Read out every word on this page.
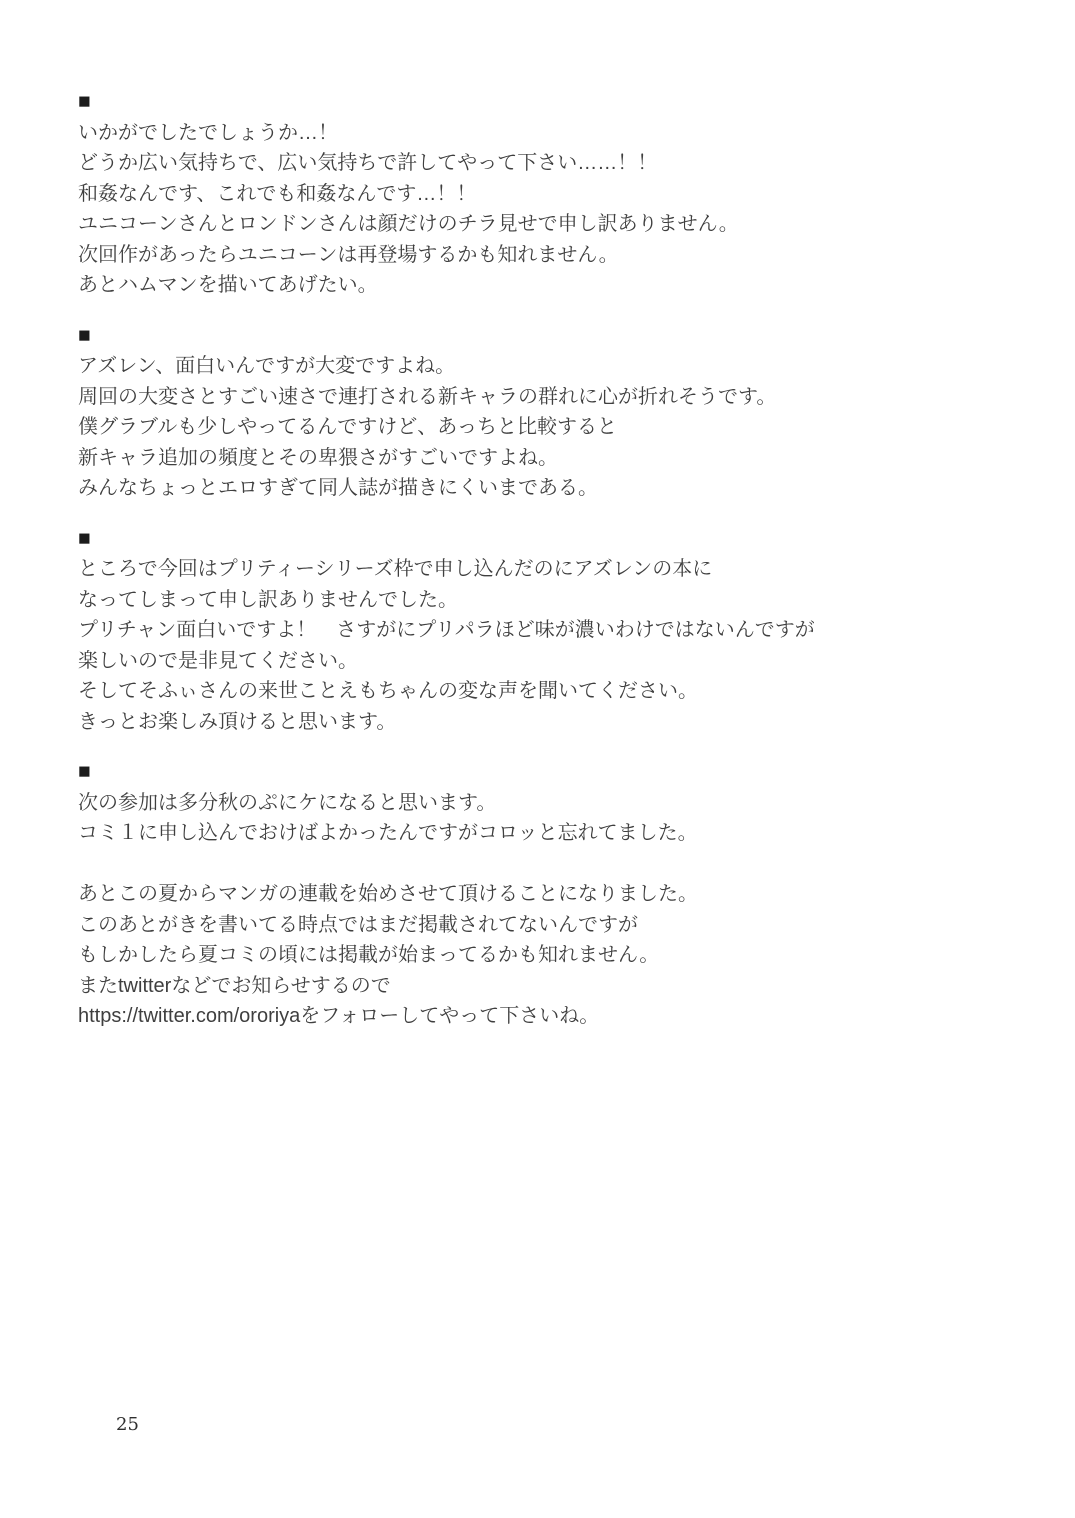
■

いかがでしたでしょうか…！

どうか広い気持ちで、広い気持ちで許してやって下さい……！！

和姦なんです、これでも和姦なんです…！！

ユニコーンさんとロンドンさんは顔だけのチラ見せで申し訳ありません。

次回作があったらユニコーンは再登場するかも知れません。

あとハムマンを描いてあげたい。

■

アズレン、面白いんですが大変ですよね。

周回の大変さとすごい速さで連打される新キャラの群れに心が折れそうです。

僕グラブルも少しやってるんですけど、あっちと比較すると

新キャラ追加の頻度とその卑猥さがすごいですよね。

みんなちょっとエロすぎて同人誌が描きにくいまである。

■

ところで今回はプリティーシリーズ枠で申し込んだのにアズレンの本に

なってしまって申し訳ありませんでした。

プリチャン面白いですよ！　さすがにプリパラほど味が濃いわけではないんですが

楽しいので是非見てください。

そしてそふぃさんの来世ことえもちゃんの変な声を聞いてください。

きっとお楽しみ頂けると思います。

■

次の参加は多分秋のぷにケになると思います。

コミ１に申し込んでおけばよかったんですがコロッと忘れてました。

あとこの夏からマンガの連載を始めさせて頂けることになりました。

このあとがきを書いてる時点ではまだ掲載されてないんですが

もしかしたら夏コミの頃には掲載が始まってるかも知れません。

またtwitterなどでお知らせするので

https://twitter.com/ororiyaをフォローしてやって下さいね。

25
